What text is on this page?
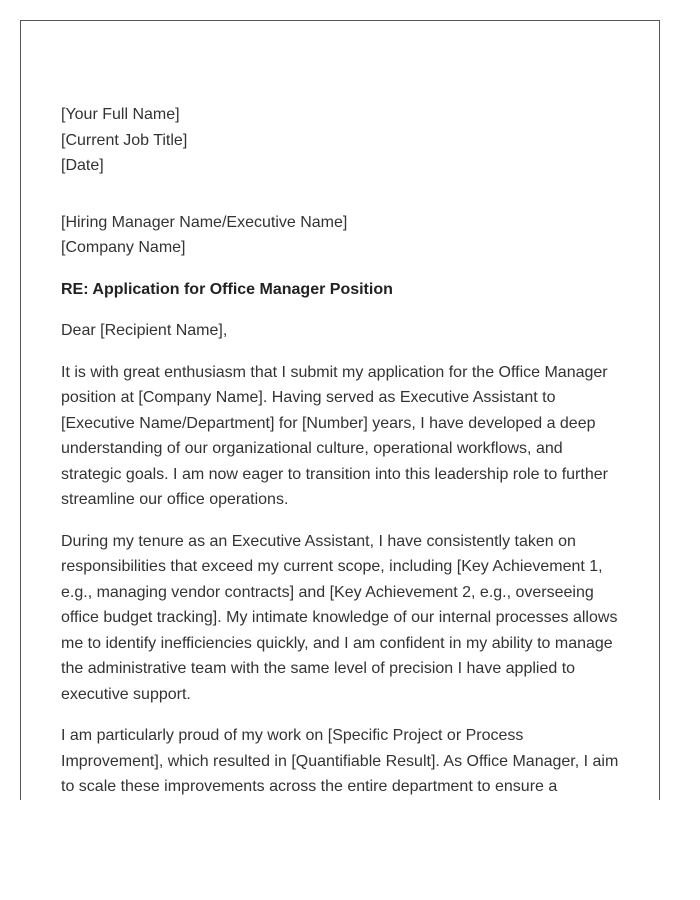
[Your Full Name]
[Current Job Title]
[Date]
[Hiring Manager Name/Executive Name]
[Company Name]
RE: Application for Office Manager Position
Dear [Recipient Name],

It is with great enthusiasm that I submit my application for the Office Manager
position at [Company Name]. Having served as Executive Assistant to
[Executive Name/Department] for [Number] years, I have developed a deep
understanding of our organizational culture, operational workflows, and
strategic goals. I am now eager to transition into this leadership role to further
streamline our office operations.

During my tenure as an Executive Assistant, I have consistently taken on
responsibilities that exceed my current scope, including [Key Achievement 1,
e.g., managing vendor contracts] and [Key Achievement 2, e.g., overseeing
office budget tracking]. My intimate knowledge of our internal processes allows
me to identify inefficiencies quickly, and I am confident in my ability to manage
the administrative team with the same level of precision I have applied to
executive support.

I am particularly proud of my work on [Specific Project or Process
Improvement], which resulted in [Quantifiable Result]. As Office Manager, I aim
to scale these improvements across the entire department to ensure a
